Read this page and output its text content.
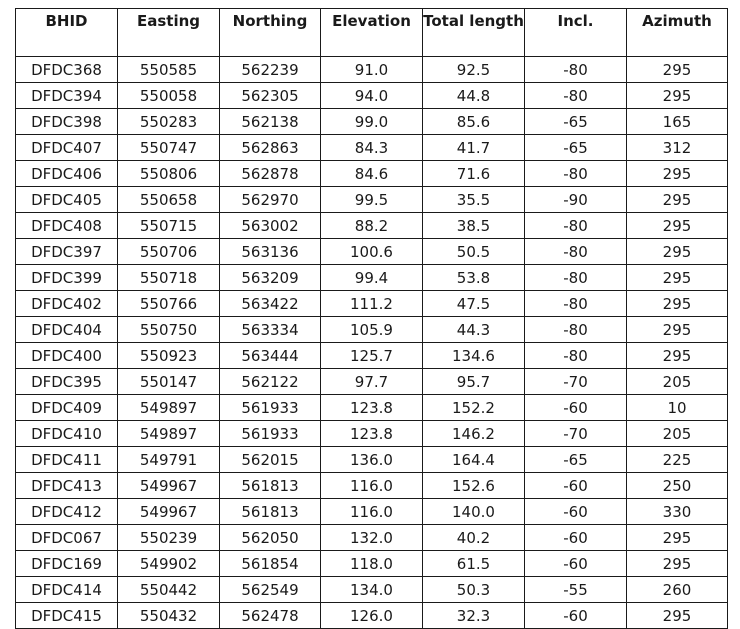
BHID	Easting	Northing	Elevation	Total length	Incl.	Azimuth
DFDC368	550585	562239	91.0	92.5	-80	295
DFDC394	550058	562305	94.0	44.8	-80	295
DFDC398	550283	562138	99.0	85.6	-65	165
DFDC407	550747	562863	84.3	41.7	-65	312
DFDC406	550806	562878	84.6	71.6	-80	295
DFDC405	550658	562970	99.5	35.5	-90	295
DFDC408	550715	563002	88.2	38.5	-80	295
DFDC397	550706	563136	100.6	50.5	-80	295
DFDC399	550718	563209	99.4	53.8	-80	295
DFDC402	550766	563422	111.2	47.5	-80	295
DFDC404	550750	563334	105.9	44.3	-80	295
DFDC400	550923	563444	125.7	134.6	-80	295
DFDC395	550147	562122	97.7	95.7	-70	205
DFDC409	549897	561933	123.8	152.2	-60	10
DFDC410	549897	561933	123.8	146.2	-70	205
DFDC411	549791	562015	136.0	164.4	-65	225
DFDC413	549967	561813	116.0	152.6	-60	250
DFDC412	549967	561813	116.0	140.0	-60	330
DFDC067	550239	562050	132.0	40.2	-60	295
DFDC169	549902	561854	118.0	61.5	-60	295
DFDC414	550442	562549	134.0	50.3	-55	260
DFDC415	550432	562478	126.0	32.3	-60	295
